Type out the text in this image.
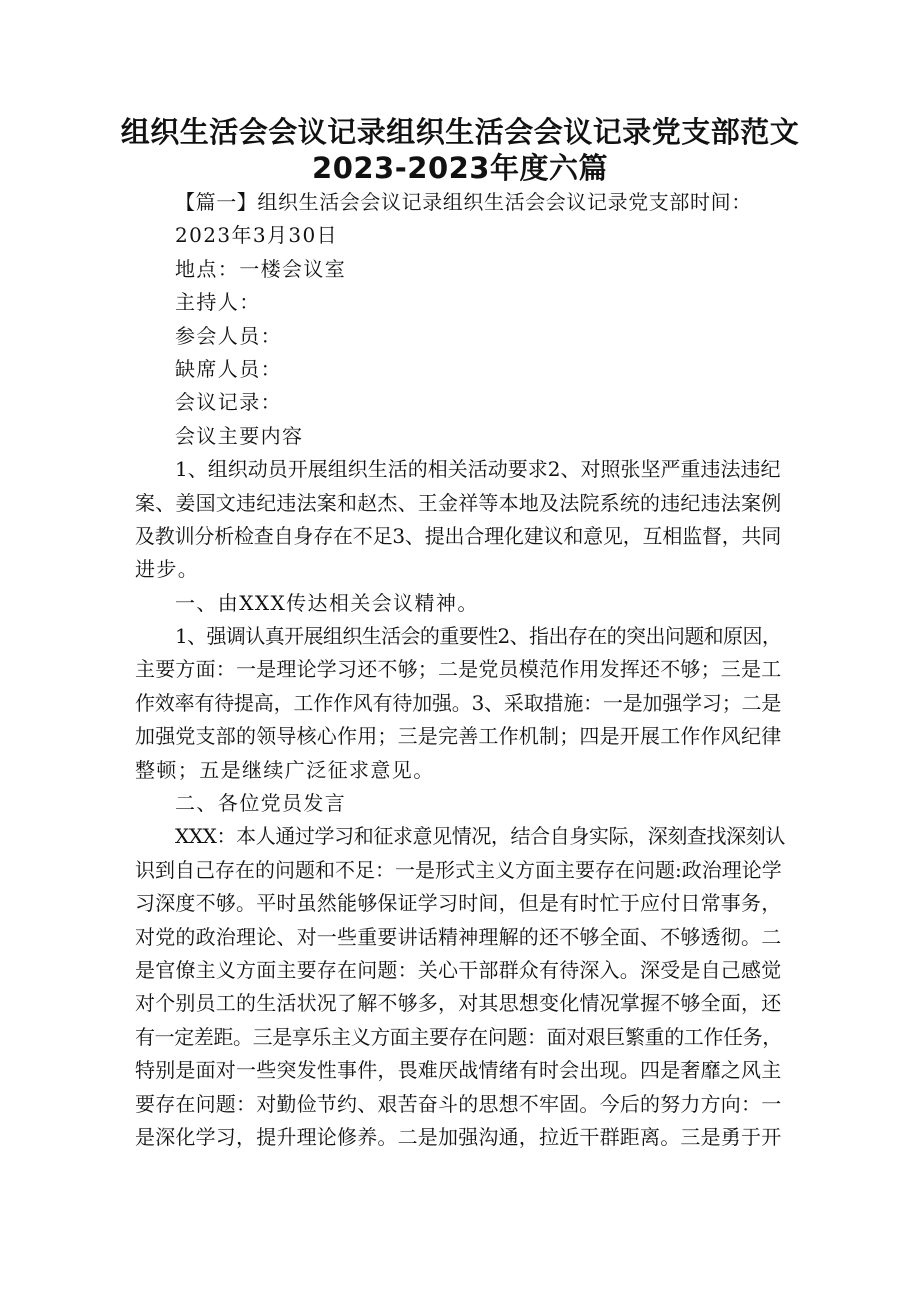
组织生活会会议记录组织生活会会议记录党支部范文
2023-2023年度六篇
【篇一】组织生活会会议记录组织生活会会议记录党支部时间：
2023年3月30日
地点：一楼会议室
主持人：
参会人员：
缺席人员：
会议记录：
会议主要内容
1、组织动员开展组织生活的相关活动要求2、对照张坚严重违法违纪
案、姜国文违纪违法案和赵杰、王金祥等本地及法院系统的违纪违法案例
及教训分析检查自身存在不足3、提出合理化建议和意见，互相监督，共同
进步。
一、由XXX传达相关会议精神。
1、强调认真开展组织生活会的重要性2、指出存在的突出问题和原因，
主要方面：一是理论学习还不够；二是党员模范作用发挥还不够；三是工
作效率有待提高，工作作风有待加强。3、采取措施：一是加强学习；二是
加强党支部的领导核心作用；三是完善工作机制；四是开展工作作风纪律
整顿；五是继续广泛征求意见。
二、各位党员发言
XXX：本人通过学习和征求意见情况，结合自身实际，深刻查找深刻认
识到自己存在的问题和不足：一是形式主义方面主要存在问题:政治理论学
习深度不够。平时虽然能够保证学习时间，但是有时忙于应付日常事务，
对党的政治理论、对一些重要讲话精神理解的还不够全面、不够透彻。二
是官僚主义方面主要存在问题：关心干部群众有待深入。深受是自己感觉
对个别员工的生活状况了解不够多，对其思想变化情况掌握不够全面，还
有一定差距。三是享乐主义方面主要存在问题：面对艰巨繁重的工作任务，
特别是面对一些突发性事件，畏难厌战情绪有时会出现。四是奢靡之风主
要存在问题：对勤俭节约、艰苦奋斗的思想不牢固。今后的努力方向：一
是深化学习，提升理论修养。二是加强沟通，拉近干群距离。三是勇于开
